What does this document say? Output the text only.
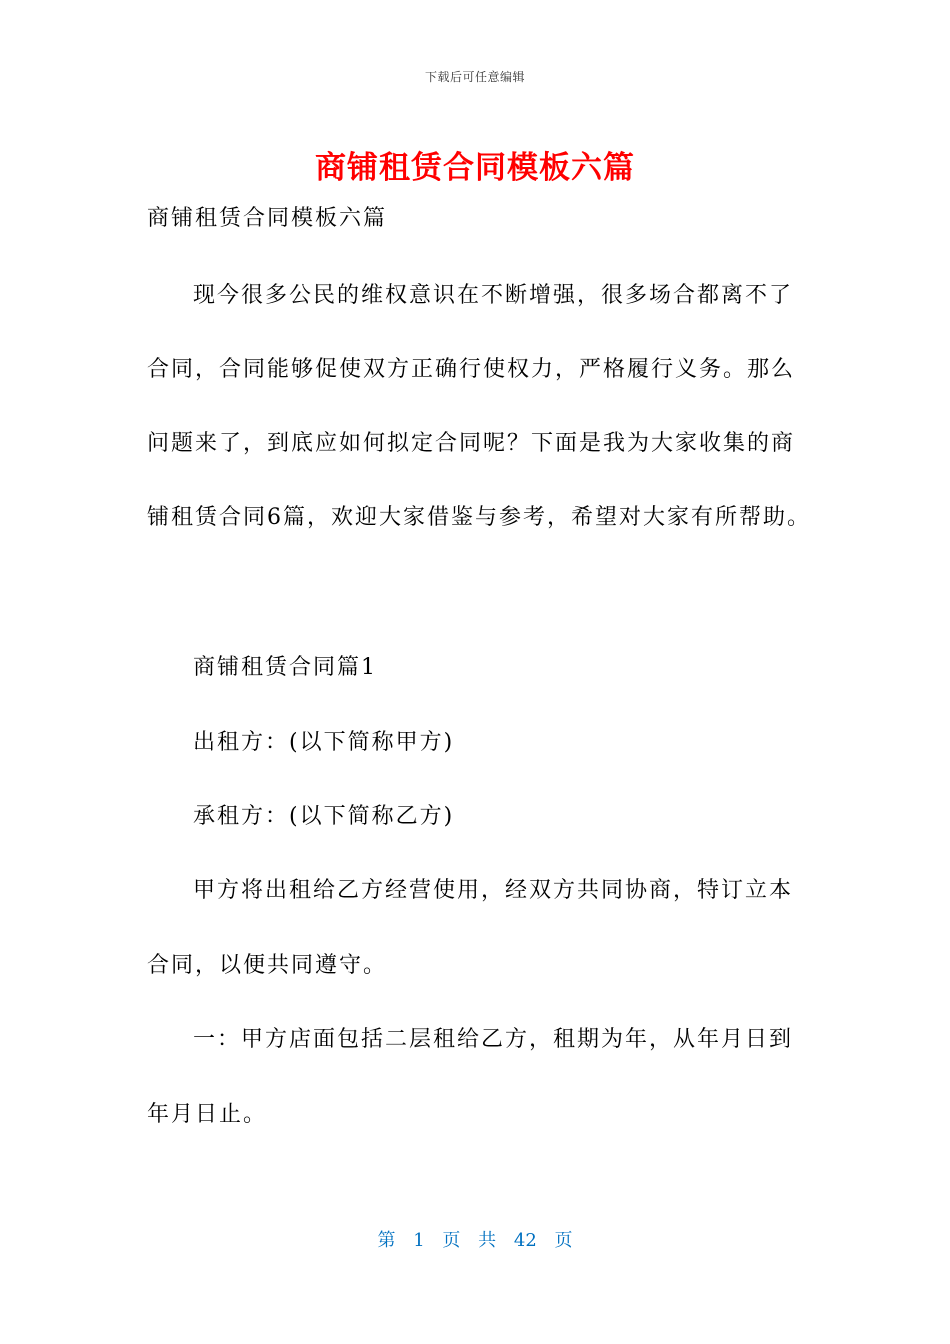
下载后可任意编辑
商铺租赁合同模板六篇
商铺租赁合同模板六篇
现今很多公民的维权意识在不断增强，很多场合都离不了
合同，合同能够促使双方正确行使权力，严格履行义务。那么
问题来了，到底应如何拟定合同呢？下面是我为大家收集的商
铺租赁合同6篇，欢迎大家借鉴与参考，希望对大家有所帮助。
商铺租赁合同篇1
出租方：(以下简称甲方)
承租方：(以下简称乙方)
甲方将出租给乙方经营使用，经双方共同协商，特订立本
合同，以便共同遵守。
一：甲方店面包括二层租给乙方，租期为年，从年月日到
年月日止。
第 1 页 共 42 页
